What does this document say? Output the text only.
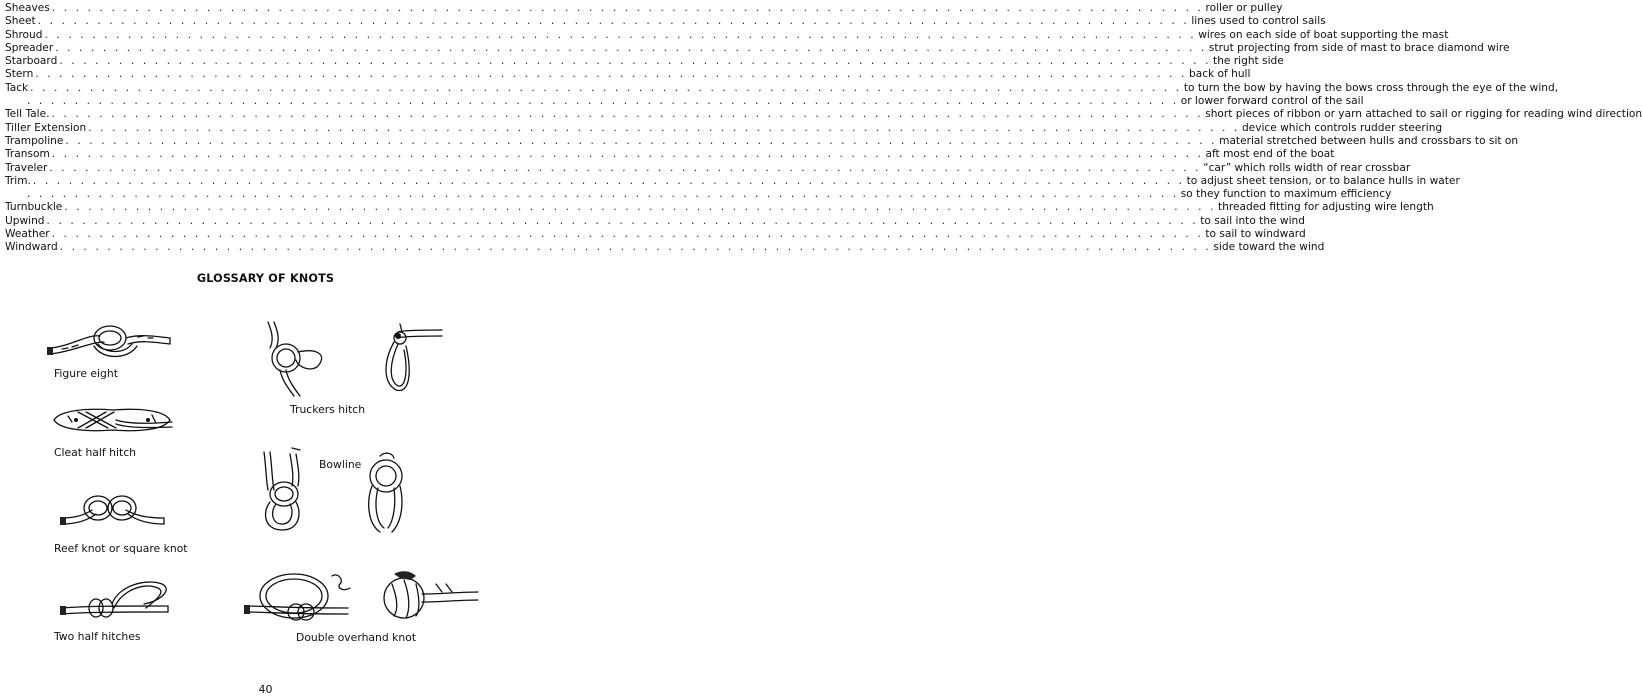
Sheaves . . . . . . . . . . . . . . . . . . . . . . . . . . . . . . . . . . . . . . . . . . . . . . . . . . . . . . . . . . . . . . . . . . . . . . . . . . . . . . . . . . . . . . . . . . . . . . . . . roller or pulley
Sheet . . . . . . . . . . . . . . . . . . . . . . . . . . . . . . . . . . . . . . . . . . . . . . . . . . . . . . . . . . . . . . . . . . . . . . . . . . . . . . . . . . . . . . . . . . . . . . . . . lines used to control sails
Shroud . . . . . . . . . . . . . . . . . . . . . . . . . . . . . . . . . . . . . . . . . . . . . . . . . . . . . . . . . . . . . . . . . . . . . . . . . . . . . . . . . . . . . . . . . . . . . . . . . wires on each side of boat supporting the mast
Spreader . . . . . . . . . . . . . . . . . . . . . . . . . . . . . . . . . . . . . . . . . . . . . . . . . . . . . . . . . . . . . . . . . . . . . . . . . . . . . . . . . . . . . . . . . . . . . . . . . strut projecting from side of mast to brace diamond wire
Starboard . . . . . . . . . . . . . . . . . . . . . . . . . . . . . . . . . . . . . . . . . . . . . . . . . . . . . . . . . . . . . . . . . . . . . . . . . . . . . . . . . . . . . . . . . . . . . . . . . the right side
Stern . . . . . . . . . . . . . . . . . . . . . . . . . . . . . . . . . . . . . . . . . . . . . . . . . . . . . . . . . . . . . . . . . . . . . . . . . . . . . . . . . . . . . . . . . . . . . . . . . back of hull
Tack . . . . . . . . . . . . . . . . . . . . . . . . . . . . . . . . . . . . . . . . . . . . . . . . . . . . . . . . . . . . . . . . . . . . . . . . . . . . . . . . . . . . . . . . . . . . . . . . . to turn the bow by having the bows cross through the eye of the wind,
. . . . . . . . . . . . . . . . . . . . . . . . . . . . . . . . . . . . . . . . . . . . . . . . . . . . . . . . . . . . . . . . . . . . . . . . . . . . . . . . . . . . . . . . . . . . . . . . . or lower forward control of the sail
Tell Tale. . . . . . . . . . . . . . . . . . . . . . . . . . . . . . . . . . . . . . . . . . . . . . . . . . . . . . . . . . . . . . . . . . . . . . . . . . . . . . . . . . . . . . . . . . . . . . . . . . short pieces of ribbon or yarn attached to sail or rigging for reading wind direction
Tiller Extension . . . . . . . . . . . . . . . . . . . . . . . . . . . . . . . . . . . . . . . . . . . . . . . . . . . . . . . . . . . . . . . . . . . . . . . . . . . . . . . . . . . . . . . . . . . . . . . . . device which controls rudder steering
Trampoline . . . . . . . . . . . . . . . . . . . . . . . . . . . . . . . . . . . . . . . . . . . . . . . . . . . . . . . . . . . . . . . . . . . . . . . . . . . . . . . . . . . . . . . . . . . . . . . . . material stretched between hulls and crossbars to sit on
Transom . . . . . . . . . . . . . . . . . . . . . . . . . . . . . . . . . . . . . . . . . . . . . . . . . . . . . . . . . . . . . . . . . . . . . . . . . . . . . . . . . . . . . . . . . . . . . . . . . aft most end of the boat
Traveler . . . . . . . . . . . . . . . . . . . . . . . . . . . . . . . . . . . . . . . . . . . . . . . . . . . . . . . . . . . . . . . . . . . . . . . . . . . . . . . . . . . . . . . . . . . . . . . . . “car” which rolls width of rear crossbar
Trim. . . . . . . . . . . . . . . . . . . . . . . . . . . . . . . . . . . . . . . . . . . . . . . . . . . . . . . . . . . . . . . . . . . . . . . . . . . . . . . . . . . . . . . . . . . . . . . . . . to adjust sheet tension, or to balance hulls in water
. . . . . . . . . . . . . . . . . . . . . . . . . . . . . . . . . . . . . . . . . . . . . . . . . . . . . . . . . . . . . . . . . . . . . . . . . . . . . . . . . . . . . . . . . . . . . . . . . so they function to maximum efficiency
Turnbuckle . . . . . . . . . . . . . . . . . . . . . . . . . . . . . . . . . . . . . . . . . . . . . . . . . . . . . . . . . . . . . . . . . . . . . . . . . . . . . . . . . . . . . . . . . . . . . . . . . threaded fitting for adjusting wire length
Upwind . . . . . . . . . . . . . . . . . . . . . . . . . . . . . . . . . . . . . . . . . . . . . . . . . . . . . . . . . . . . . . . . . . . . . . . . . . . . . . . . . . . . . . . . . . . . . . . . . to sail into the wind
Weather . . . . . . . . . . . . . . . . . . . . . . . . . . . . . . . . . . . . . . . . . . . . . . . . . . . . . . . . . . . . . . . . . . . . . . . . . . . . . . . . . . . . . . . . . . . . . . . . . to sail to windward
Windward . . . . . . . . . . . . . . . . . . . . . . . . . . . . . . . . . . . . . . . . . . . . . . . . . . . . . . . . . . . . . . . . . . . . . . . . . . . . . . . . . . . . . . . . . . . . . . . . . side toward the wind
GLOSSARY OF KNOTS
Figure eight
Cleat half hitch
Reef knot or square knot
Two half hitches
Truckers hitch
Bowline
Double overhand knot
40
